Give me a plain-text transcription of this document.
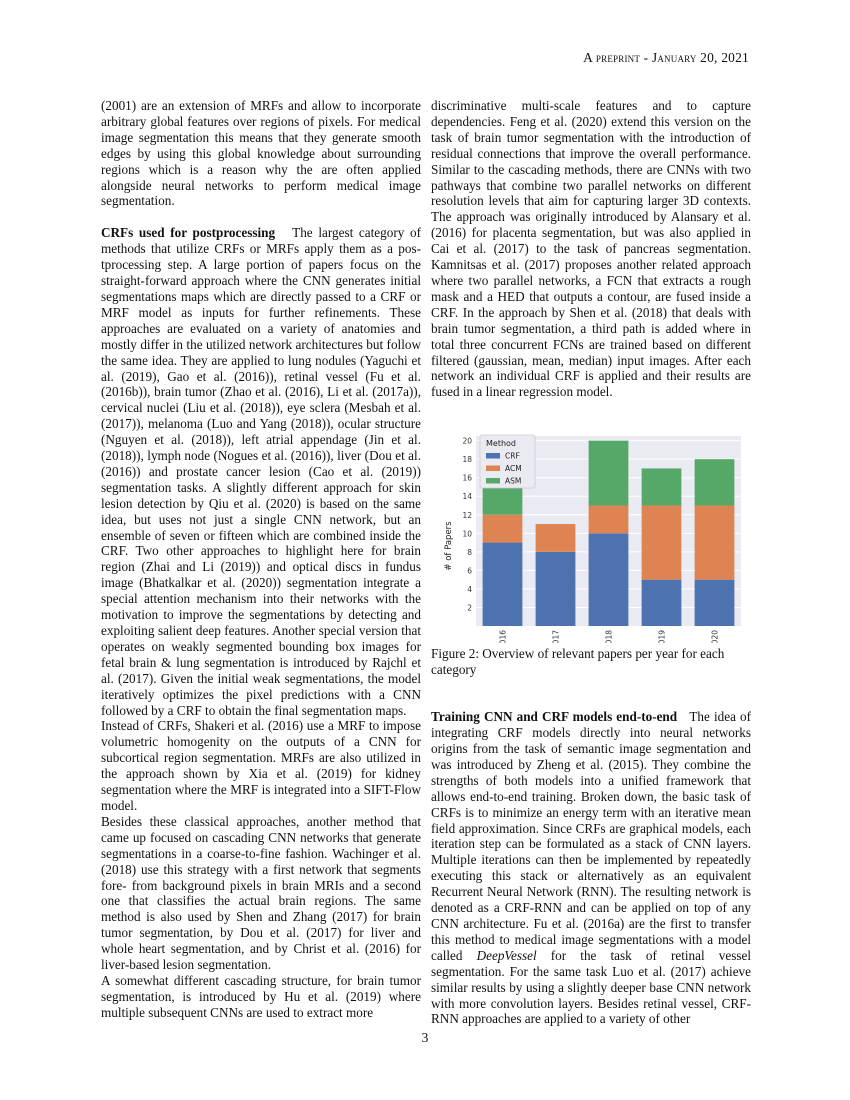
A preprint - January 20, 2021

(2001) are an extension of MRFs and allow to incorporate arbitrary global features over regions of pixels. For medical image segmentation this means that they generate smooth edges by using this global knowledge about surrounding regions which is a reason why the are often applied alongside neural networks to perform medical image segmentation.

CRFs used for postprocessing The largest category of methods that utilize CRFs or MRFs apply them as a pos-tprocessing step. A large portion of papers focus on the straight-forward approach where the CNN generates initial segmentations maps which are directly passed to a CRF or MRF model as inputs for further refinements. These approaches are evaluated on a variety of anatomies and mostly differ in the utilized network architectures but follow the same idea. They are applied to lung nodules (Yaguchi et al. (2019), Gao et al. (2016)), retinal vessel (Fu et al. (2016b)), brain tumor (Zhao et al. (2016), Li et al. (2017a)), cervical nuclei (Liu et al. (2018)), eye sclera (Mesbah et al. (2017)), melanoma (Luo and Yang (2018)), ocular structure (Nguyen et al. (2018)), left atrial appendage (Jin et al. (2018)), lymph node (Nogues et al. (2016)), liver (Dou et al. (2016)) and prostate cancer lesion (Cao et al. (2019)) segmentation tasks. A slightly different approach for skin lesion detection by Qiu et al. (2020) is based on the same idea, but uses not just a single CNN network, but an ensemble of seven or fifteen which are combined inside the CRF. Two other approaches to highlight here for brain region (Zhai and Li (2019)) and optical discs in fundus image (Bhatkalkar et al. (2020)) segmentation integrate a special attention mechanism into their networks with the motivation to improve the segmentations by detecting and exploiting salient deep features. Another special version that operates on weakly segmented bounding box images for fetal brain & lung segmentation is introduced by Rajchl et al. (2017). Given the initial weak segmentations, the model iteratively optimizes the pixel predictions with a CNN followed by a CRF to obtain the final segmentation maps.

Instead of CRFs, Shakeri et al. (2016) use a MRF to impose volumetric homogenity on the outputs of a CNN for subcortical region segmentation. MRFs are also utilized in the approach shown by Xia et al. (2019) for kidney segmentation where the MRF is integrated into a SIFT-Flow model.

Besides these classical approaches, another method that came up focused on cascading CNN networks that generate segmentations in a coarse-to-fine fashion. Wachinger et al. (2018) use this strategy with a first network that segments fore- from background pixels in brain MRIs and a second one that classifies the actual brain regions. The same method is also used by Shen and Zhang (2017) for brain tumor segmentation, by Dou et al. (2017) for liver and whole heart segmentation, and by Christ et al. (2016) for liver-based lesion segmentation.

A somewhat different cascading structure, for brain tumor segmentation, is introduced by Hu et al. (2019) where multiple subsequent CNNs are used to extract more

discriminative multi-scale features and to capture dependencies. Feng et al. (2020) extend this version on the task of brain tumor segmentation with the introduction of residual connections that improve the overall performance. Similar to the cascading methods, there are CNNs with two pathways that combine two parallel networks on different resolution levels that aim for capturing larger 3D contexts. The approach was originally introduced by Alansary et al. (2016) for placenta segmentation, but was also applied in Cai et al. (2017) to the task of pancreas segmentation. Kamnitsas et al. (2017) proposes another related approach where two parallel networks, a FCN that extracts a rough mask and a HED that outputs a contour, are fused inside a CRF. In the approach by Shen et al. (2018) that deals with brain tumor segmentation, a third path is added where in total three concurrent FCNs are trained based on different filtered (gaussian, mean, median) input images. After each network an individual CRF is applied and their results are fused in a linear regression model.

2
4
6
8
10
12
14
16
18
20
2016	2017	2018	2019	2020
# of Papers
Method
CRF
ACM
ASM
Figure 2: Overview of relevant papers per year for each category

Training CNN and CRF models end-to-end The idea of integrating CRF models directly into neural networks origins from the task of semantic image segmentation and was introduced by Zheng et al. (2015). They combine the strengths of both models into a unified framework that allows end-to-end training. Broken down, the basic task of CRFs is to minimize an energy term with an iterative mean field approximation. Since CRFs are graphical models, each iteration step can be formulated as a stack of CNN layers. Multiple iterations can then be implemented by repeatedly executing this stack or alternatively as an equivalent Recurrent Neural Network (RNN). The resulting network is denoted as a CRF-RNN and can be applied on top of any CNN architecture. Fu et al. (2016a) are the first to transfer this method to medical image segmentations with a model called DeepVessel for the task of retinal vessel segmentation. For the same task Luo et al. (2017) achieve similar results by using a slightly deeper base CNN network with more convolution layers. Besides retinal vessel, CRF-RNN approaches are applied to a variety of other

3
